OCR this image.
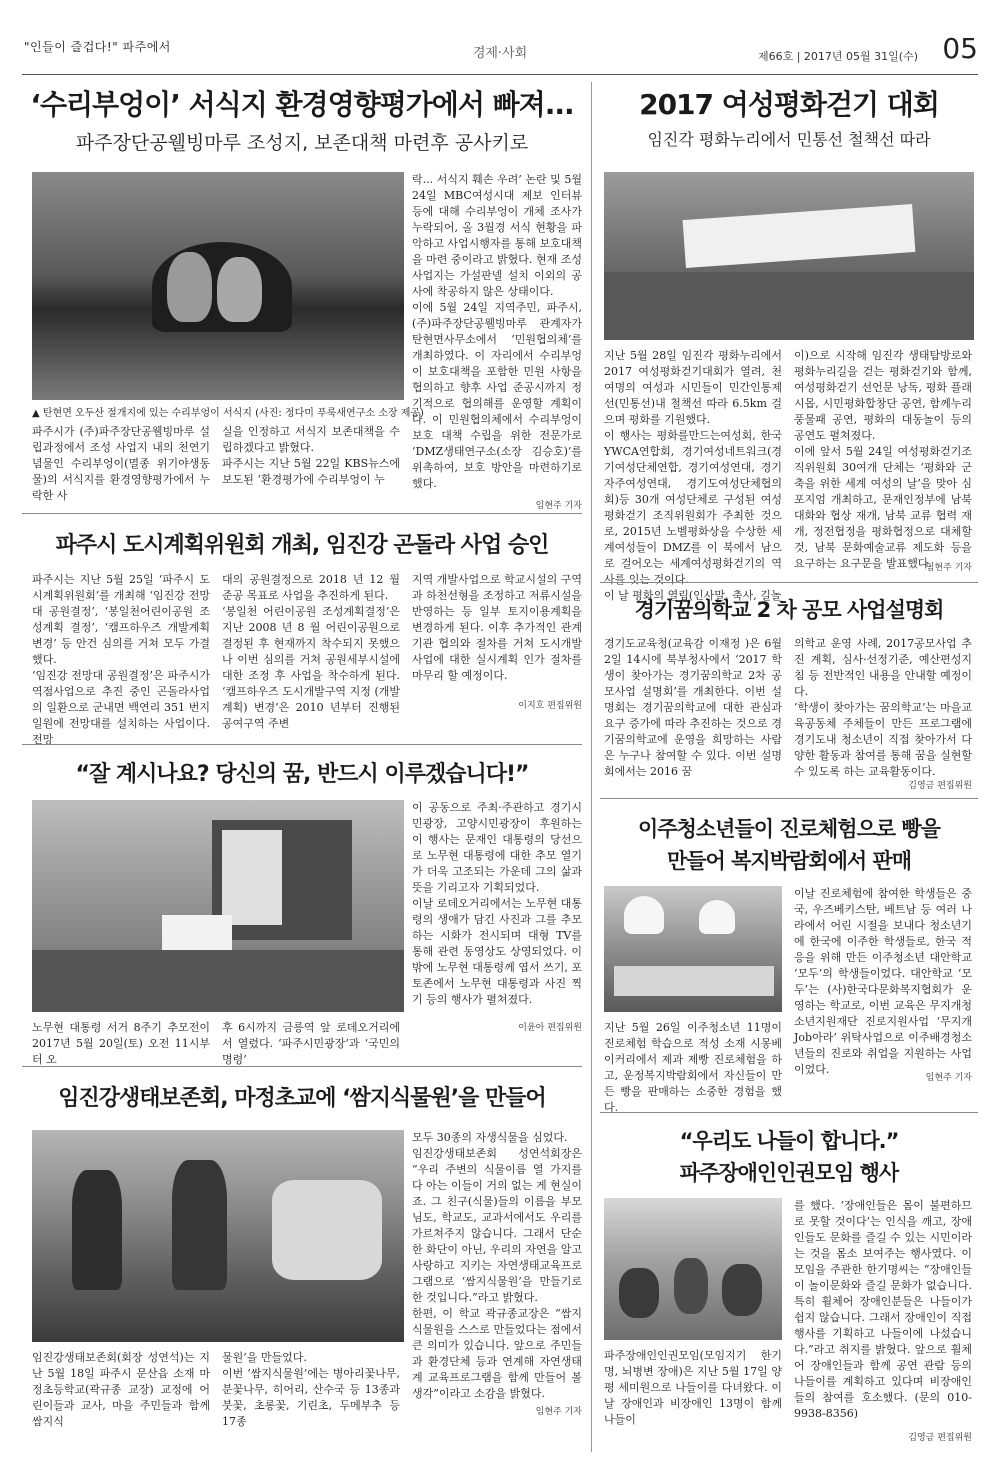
"인들이 즐겁다!" 파주에서	경제·사회	제66호 | 2017년 05월 31일(수) 05
‘수리부엉이’ 서식지 환경영향평가에서 빠져...
파주장단공웰빙마루 조성지, 보존대책 마련후 공사키로
▲ 탄현면 오두산 절개지에 있는 수리부엉이 서식지 (사진: 정다미 푸룩새연구소 소장 제공)
파주시가 (주)파주장단공웰빙마루 설립과정에서 조성 사업지 내의 천연기념물인 수리부엉이(멸종 위기야생동물)의 서식지를 환경영향평가에서 누락한 사
실을 인정하고 서식지 보존대책을 수립하겠다고 밝혔다.
파주시는 지난 5월 22일 KBS뉴스에 보도된 ‘환경평가에 수리부엉이 누
락... 서식지 훼손 우려’ 논란 및 5월 24일 MBC여성시대 제보 인터뷰 등에 대해 수리부엉이 개체 조사가 누락되어, 올 3월경 서식 현황을 파악하고 사업시행자를 통해 보호대책을 마련 중이라고 밝혔다. 현재 조성사업지는 가설판넬 설치 이외의 공사에 착공하지 않은 상태이다.
이에 5월 24일 지역주민, 파주시, (주)파주장단공웰빙마루 관계자가 탄현면사무소에서 ‘민원협의체’를 개최하였다. 이 자리에서 수리부엉이 보호대책을 포함한 민원 사항을 협의하고 향후 사업 준공시까지 정기적으로 협의해를 운영할 계획이다. 이 민원협의체에서 수리부엉이 보호 대책 수립을 위한 전문가로 ‘DMZ생태연구소(소장 김승호)’를 위촉하여, 보호 방안을 마련하기로 했다.
임현주 기자
파주시 도시계획위원회 개최, 임진강 곤돌라 사업 승인
파주시는 지난 5월 25일 ‘파주시 도시계획위원회’를 개최해 ‘임진강 전망대 공원결정’, ‘봉일천어린이공원 조성계획 결정’, ‘캠프하우즈 개발계획변경’ 등 안건 심의를 거쳐 모두 가결했다.
‘임진강 전망대 공원결정’은 파주시가 역점사업으로 추진 중인 곤돌라사업의 일환으로 군내면 백연리 351 번지 일원에 전망대를 설치하는 사업이다. 전망
대의 공원결정으로 2018 년 12 월 준공 목표로 사업을 추진하게 된다.
‘봉일천 어린이공원 조성계획결정’은 지난 2008 년 8 월 어린이공원으로 결정된 후 현재까지 착수되지 못했으나 이번 심의를 거쳐 공원세부시설에 대한 조정 후 사업을 착수하게 된다. ‘캠프하우즈 도시개발구역 지정 (개발계획) 변경’은 2010 년부터 진행된 공여구역 주변
지역 개발사업으로 학교시설의 구역과 하천선형을 조정하고 저류시설을 반영하는 등 일부 토지이용계획을 변경하게 된다. 이후 추가적인 관계기관 협의와 절차를 거쳐 도시개발사업에 대한 실시계획 인가 절차를 마무리 할 예정이다.
이지호 편집위원
“잘 계시나요? 당신의 꿈, 반드시 이루겠습니다!”
노무현 대통령 서거 8주기 추모전이 2017년 5월 20일(토) 오전 11시부터 오
후 6시까지 금릉역 앞 로데오거리에서 열렸다. ‘파주시민광장’과 ‘국민의명령’
이 공동으로 주최·주관하고 경기시민광장, 고양시민광장이 후원하는 이 행사는 문재인 대통령의 당선으로 노무현 대통령에 대한 추모 열기가 더욱 고조되는 가운데 그의 삶과 뜻을 기리고자 기획되었다.
이날 로데오거리에서는 노무현 대통령의 생애가 담긴 사진과 그를 추모하는 시화가 전시되며 대형 TV를 통해 관련 동영상도 상영되었다. 이밖에 노무현 대통령께 엽서 쓰기, 포토존에서 노무현 대통령과 사진 찍기 등의 행사가 펼쳐졌다.
이윤아 편집위원
임진강생태보존회, 마정초교에 ‘쌈지식물원’을 만들어
임진강생태보존회(회장 성연석)는 지난 5월 18일 파주시 문산읍 소재 마정초등학교(곽규종 교장) 교정에 어린이들과 교사, 마을 주민들과 함께 쌈지식
물원’을 만들었다.
이번 ‘쌈지식물원’에는 병아리꽃나무, 분꽃나무, 히어리, 산수국 등 13종과 붓꽃, 초롱꽃, 기린초, 두메부추 등 17종
모두 30종의 자생식물을 심었다.
임진강생태보존회 성연석회장은 “우리 주변의 식물이름 열 가지를 다 아는 이들이 거의 없는 게 현실이죠. 그 친구(식물)들의 이름을 부모님도, 학교도, 교과서에서도 우리를 가르쳐주지 않습니다. 그래서 단순한 화단이 아닌, 우리의 자연을 알고 사랑하고 지키는 자연생태교육프로그램으로 ‘쌈지식물원’을 만들기로 한 것입니다.”라고 밝혔다.
한편, 이 학교 곽규종교장은 “쌈지식물원을 스스로 만들었다는 점에서 큰 의미가 있습니다. 앞으로 주민들과 환경단체 등과 연계해 자연생태계 교육프로그램을 함께 만들어 볼 생각”이라고 소감을 밝혔다.
임현주 기자
2017 여성평화걷기 대회
임진각 평화누리에서 민통선 철책선 따라
지난 5월 28일 임진각 평화누리에서 2017 여성평화걷기대회가 열려, 천여명의 여성과 시민들이 민간인통제선(민통선)내 철책선 따라 6.5km 걸으며 평화를 기원했다.
이 행사는 평화를만드는여성회, 한국YWCA연합회, 경기여성네트워크(경기여성단체연합, 경기여성연대, 경기자주여성연대, 경기도여성단체협의회)등 30개 여성단체로 구성된 여성평화걷기 조직위원회가 주최한 것으로, 2015년 노벨평화상을 수상한 세계여성들이 DMZ를 이 북에서 남으로 걸어오는 세계여성평화걷기의 역사를 잇는 것이다.
이 날 평화의 열림(인사말, 축사, 길놀
이)으로 시작해 임진각 생태탐방로와 평화누리길을 걷는 평화걷기와 함께, 여성평화걷기 선언문 낭독, 평화 플래시몹, 시민평화합창단 공연, 함께누리 풍물패 공연, 평화의 대동놀이 등의 공연도 펼쳐졌다.
이에 앞서 5월 24일 여성평화걷기조직위원회 30여개 단체는 ‘평화와 군축을 위한 세계 여성의 날’을 맞아 심포지엄 개최하고, 문재인정부에 남북대화와 협상 재개, 남북 교류 협력 재개, 정전협정을 평화협정으로 대체할 것, 남북 문화예술교류 제도화 등을 요구하는 요구문을 발표했다.
임현주 기자
경기꿈의학교 2 차 공모 사업설명회
경기도교육청(교육감 이재정 )은 6월 2일 14시에 북부청사에서 ‘2017 학생이 찾아가는 경기꿈의학교 2차 공모사업 설명회’를 개최한다. 이번 설명회는 경기꿈의학교에 대한 관심과 요구 증가에 따라 추진하는 것으로 경기꿈의학교에 운영을 희망하는 사람은 누구나 참여할 수 있다. 이번 설명회에서는 2016 꿈
의학교 운영 사례, 2017공모사업 추진 계획, 심사·선정기준, 예산편성지침 등 전반적인 내용을 안내할 예정이다.
‘학생이 찾아가는 꿈의학교’는 마을교육공동체 주체들이 만든 프로그램에 경기도내 청소년이 직접 찾아가서 다양한 활동과 참여를 통해 꿈을 실현할 수 있도록 하는 교육활동이다.
김영금 편집위원
이주청소년들이 진로체험으로 빵을
만들어 복지박람회에서 판매
지난 5월 26일 이주청소년 11명이 진로체험 학습으로 적성 소재 시몽베이커리에서 제과 제빵 진로체험을 하고, 운정복지박람회에서 자신들이 만든 빵을 판매하는 소중한 경험을 했다.
이날 진로체험에 참여한 학생들은 중국, 우즈베키스탄, 베트남 등 여러 나라에서 어린 시절을 보내다 청소년기에 한국에 이주한 학생들로, 한국 적응을 위해 만든 이주청소년 대안학교 ‘모두’의 학생들이었다. 대안학교 ‘모두’는 (사)한국다문화복지협회가 운영하는 학교로, 이번 교육은 무지개청소년지원재단 진로지원사업 ‘무지개 Job아라’ 위탁사업으로 이주배경청소년들의 진로와 취업을 지원하는 사업이었다.
임현주 기자
“우리도 나들이 합니다.”
파주장애인인권모임 행사
파주장애인인권모임(모임지기 한기명, 뇌병변 장애)은 지난 5월 17일 양평 세미원으로 나들이를 다녀왔다. 이날 장애인과 비장애인 13명이 함께 나들이
를 했다. ‘장애인들은 몸이 불편하므로 못할 것이다’는 인식을 깨고, 장애인들도 문화를 즐길 수 있는 시민이라는 것을 몸소 보여주는 행사였다. 이 모임을 주관한 한기명씨는 “장애인들이 놀이문화와 즐길 문화가 없습니다. 특히 휠체어 장애인분들은 나들이가 쉽지 않습니다. 그래서 장애인이 직접 행사를 기획하고 나들이에 나섰습니다.”라고 취지를 밝혔다. 앞으로 휠체어 장애인들과 함께 공연 관람 등의 나들이를 계획하고 있다며 비장애인들의 참여를 호소했다. (문의 010-9938-8356)
김영금 편집위원
